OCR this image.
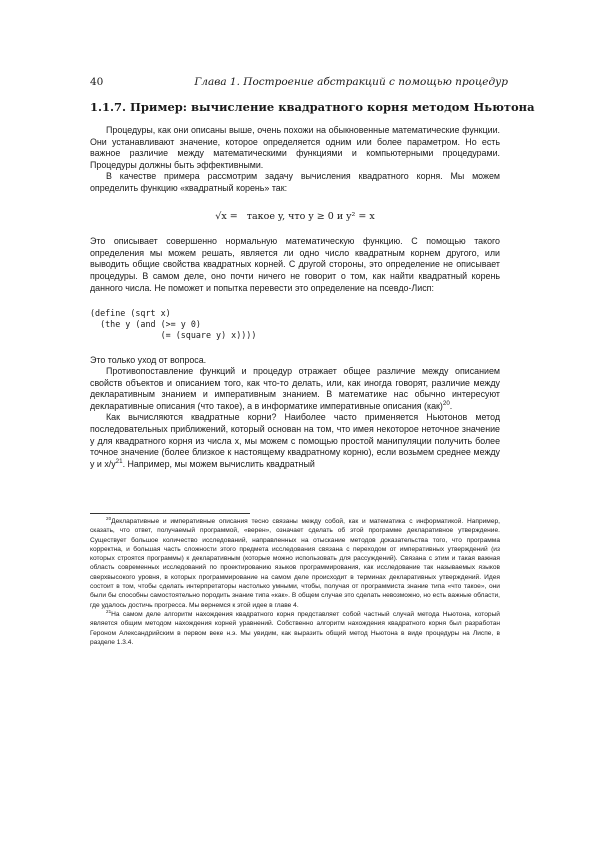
40	Глава 1. Построение абстракций с помощью процедур
1.1.7. Пример: вычисление квадратного корня методом Ньютона

Процедуры, как они описаны выше, очень похожи на обыкновенные математические функции. Они устанавливают значение, которое определяется одним или более параметром. Но есть важное различие между математическими функциями и компьютерными процедурами. Процедуры должны быть эффективными.

В качестве примера рассмотрим задачу вычисления квадратного корня. Мы можем определить функцию «квадратный корень» так:

√x = такое y, что y ≥ 0 и y² = x

Это описывает совершенно нормальную математическую функцию. С помощью такого определения мы можем решать, является ли одно число квадратным корнем другого, или выводить общие свойства квадратных корней. С другой стороны, это определение не описывает процедуры. В самом деле, оно почти ничего не говорит о том, как найти квадратный корень данного числа. Не поможет и попытка перевести это определение на псевдо-Лисп:

(define (sqrt x)
(the y (and (>= y 0)
(= (square y) x))))

Это только уход от вопроса.

Противопоставление функций и процедур отражает общее различие между описанием свойств объектов и описанием того, как что-то делать, или, как иногда говорят, различие между декларативным знанием и императивным знанием. В математике нас обычно интересуют декларативные описания (что такое), а в информатике императивные описания (как)$^{20}$.

Как вычисляются квадратные корни? Наиболее часто применяется Ньютонов метод последовательных приближений, который основан на том, что имея некоторое неточное значение y для квадратного корня из числа x, мы можем с помощью простой манипуляции получить более точное значение (более близкое к настоящему квадратному корню), если возьмем среднее между y и $x/y^{21}$. Например, мы можем вычислить квадратный

$^{20}$Декларативные и императивные описания тесно связаны между собой, как и математика с информатикой. Например, сказать, что ответ, получаемый программой, «верен», означает сделать об этой программе декларативное утверждение. Существует большое количество исследований, направленных на отыскание методов доказательства того, что программа корректна, и большая часть сложности этого предмета исследования связана с переходом от императивных утверждений (из которых строятся программы) к декларативным (которые можно использовать для рассуждений). Связана с этим и такая важная область современных исследований по проектированию языков программирования, как исследование так называемых языков сверхвысокого уровня, в которых программирование на самом деле происходит в терминах декларативных утверждений. Идея состоит в том, чтобы сделать интерпретаторы настолько умными, чтобы, получая от программиста знание типа «что такое», они были бы способны самостоятельно породить знание типа «как». В общем случае это сделать невозможно, но есть важные области, где удалось достичь прогресса. Мы вернемся к этой идее в главе 4.

$^{21}$На самом деле алгоритм нахождения квадратного корня представляет собой частный случай метода Ньютона, который является общим методом нахождения корней уравнений. Собственно алгоритм нахождения квадратного корня был разработан Героном Александрийским в первом веке н.э. Мы увидим, как выразить общий метод Ньютона в виде процедуры на Лиспе, в разделе 1.3.4.
